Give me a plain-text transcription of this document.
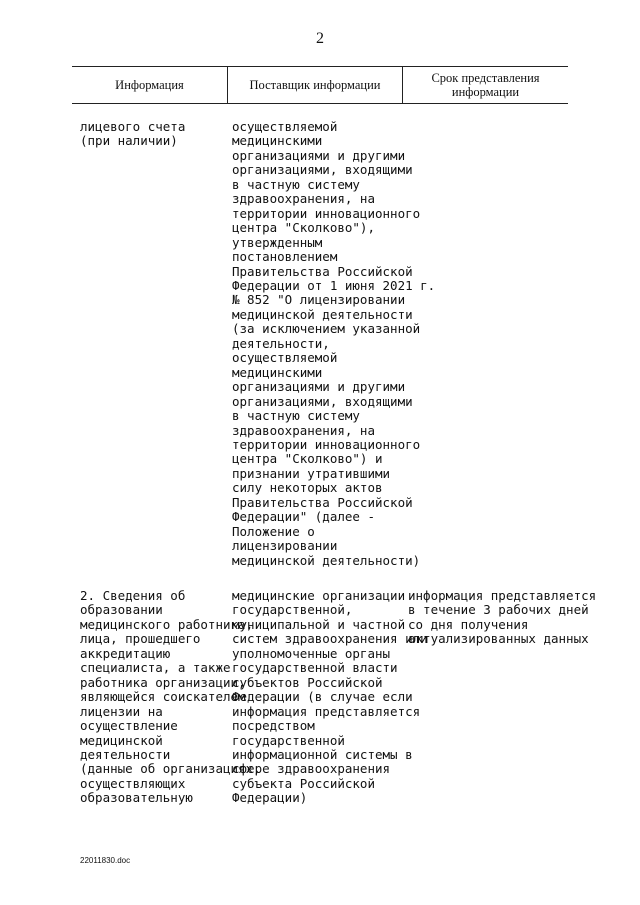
2
Информация	Поставщик информации	Срок представления
информации
лицевого счета
(при наличии)
осуществляемой
медицинскими
организациями и другими
организациями, входящими
в частную систему
здравоохранения, на
территории инновационного
центра "Сколково"),
утвержденным
постановлением
Правительства Российской
Федерации от 1 июня 2021 г.
№ 852 "О лицензировании
медицинской деятельности
(за исключением указанной
деятельности,
осуществляемой
медицинскими
организациями и другими
организациями, входящими
в частную систему
здравоохранения, на
территории инновационного
центра "Сколково") и
признании утратившими
силу некоторых актов
Правительства Российской
Федерации" (далее -
Положение о
лицензировании
медицинской деятельности)
2. Сведения об
образовании
медицинского работника,
лица, прошедшего
аккредитацию
специалиста, а также
работника организации,
являющейся соискателем
лицензии на
осуществление
медицинской
деятельности
(данные об организациях,
осуществляющих
образовательную
медицинские организации
государственной,
муниципальной и частной
систем здравоохранения или
уполномоченные органы
государственной власти
субъектов Российской
Федерации (в случае если
информация представляется
посредством
государственной
информационной системы в
сфере здравоохранения
субъекта Российской
Федерации)
информация представляется
в течение 3 рабочих дней
со дня получения
актуализированных данных
22011830.doc
